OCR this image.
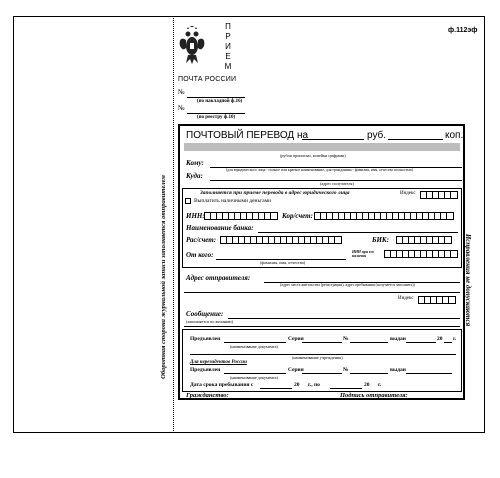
П
Р
И
Е
М
ПОЧТА РОССИИ
ф.112эф
№
(по накладной ф.16)
№
(по реестру ф.10)
Оборотная сторона журнальной записи заполняется отправителем	Исправления не допускаются
ПОЧТОВЫЙ ПЕРЕВОД на	руб.	коп.
(рубли прописью, копейки цифрами)
Кому:
(для юридического лица - полное или краткое наименование, для гражданина - фамилия, имя, отчество полностью)
Куда:
(адрес получателя)
Заполняется при приеме перевода в адрес юридического лица
Выплатить наличными деньгами
Индекс
ИНН:	Кор/счет:
Наименование банка:
Рас/счет:	БИК:
От кого:
(фамилия, имя, отчество)
ИНН при его наличии
Адрес отправителя:
(адрес места жительства (регистрации), адрес пребывания (получается заполнить))
Индекс
Сообщение:
(заполняется по желанию)
Предъявлен	Серия	№	выдан	20 г.
(наименование документа)
(наименование учреждения)
Для нерезидентов России
Предъявлен	Серия	№	выдан
(наименование документа)
Дата срока пребывания с	20 г., по	20 г.
Гражданство:	Подпись отправителя:
